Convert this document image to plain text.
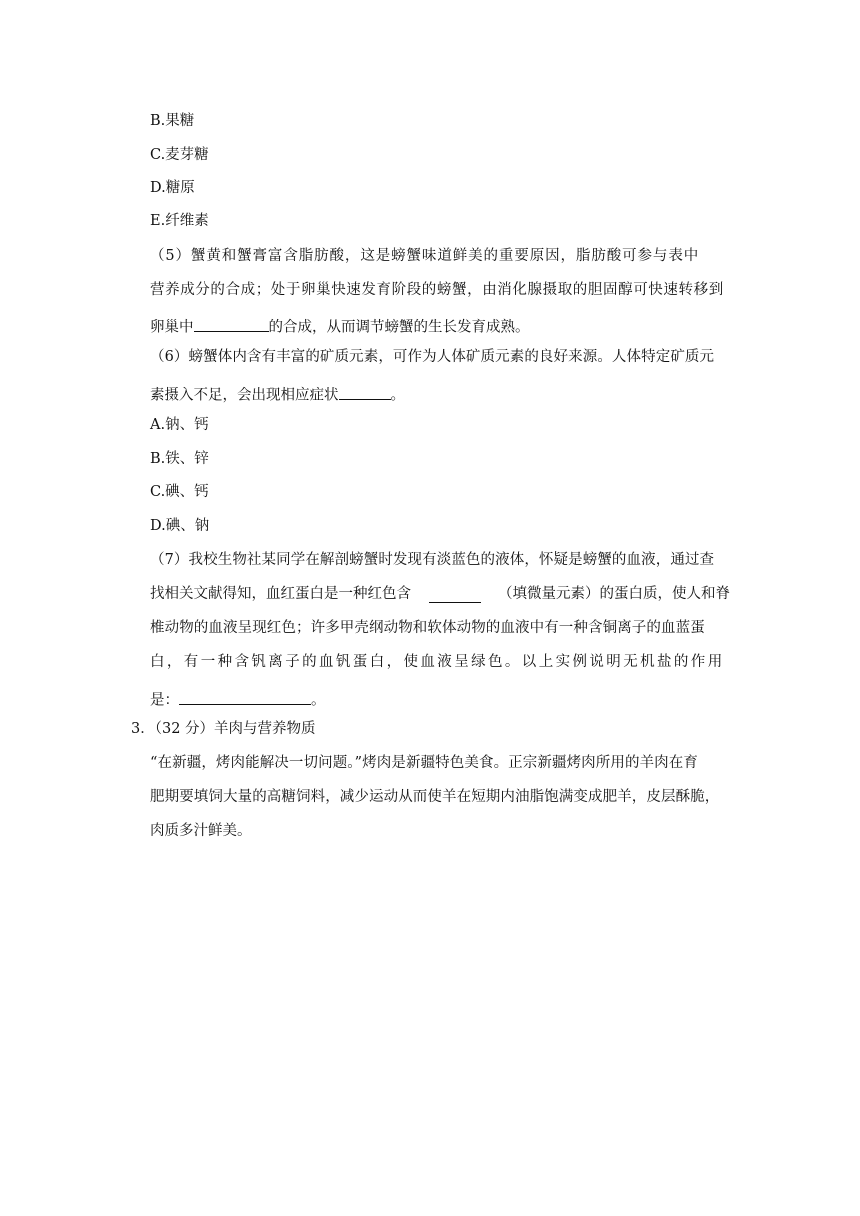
B.果糖
C.麦芽糖
D.糖原
E.纤维素
（5）蟹黄和蟹膏富含脂肪酸，这是螃蟹味道鲜美的重要原因，脂肪酸可参与表中
营养成分的合成；处于卵巢快速发育阶段的螃蟹，由消化腺摄取的胆固醇可快速转移到
卵巢中	的合成，从而调节螃蟹的生长发育成熟。
（6）螃蟹体内含有丰富的矿质元素，可作为人体矿质元素的良好来源。人体特定矿质元
素摄入不足，会出现相应症状	。
A.钠、钙
B.铁、锌
C.碘、钙
D.碘、钠
（7）我校生物社某同学在解剖螃蟹时发现有淡蓝色的液体，怀疑是螃蟹的血液，通过查
找相关文献得知，血红蛋白是一种红色含	（填微量元素）的蛋白质，使人和脊
椎动物的血液呈现红色；许多甲壳纲动物和软体动物的血液中有一种含铜离子的血蓝蛋
白，有一种含钒离子的血钒蛋白，使血液呈绿色。以上实例说明无机盐的作用
是：	。
3．（32 分）羊肉与营养物质
“在新疆，烤肉能解决一切问题。”烤肉是新疆特色美食。正宗新疆烤肉所用的羊肉在育
肥期要填饲大量的高糖饲料，减少运动从而使羊在短期内油脂饱满变成肥羊，皮层酥脆，
肉质多汁鲜美。
